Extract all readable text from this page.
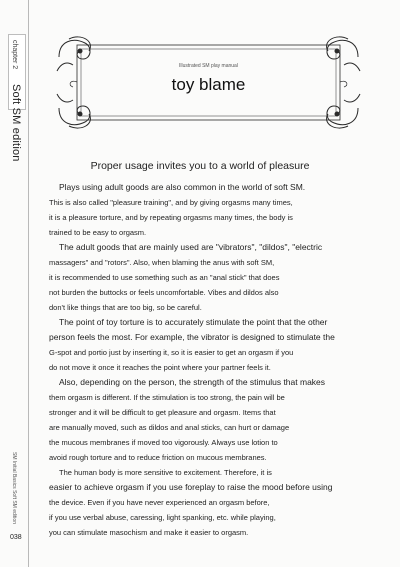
chapter 2
Soft SM edition
SM Initial Basics Soft SM edition
038
Illustrated SM play manual
toy blame
Proper usage invites you to a world of pleasure

Plays using adult goods are also common in the world of soft SM.

This is also called "pleasure training", and by giving orgasms many times,

it is a pleasure torture, and by repeating orgasms many times, the body is

trained to be easy to orgasm.

The adult goods that are mainly used are "vibrators", "dildos", "electric

massagers" and "rotors". Also, when blaming the anus with soft SM,

it is recommended to use something such as an "anal stick" that does

not burden the buttocks or feels uncomfortable. Vibes and dildos also

don't like things that are too big, so be careful.

The point of toy torture is to accurately stimulate the point that the other

person feels the most. For example, the vibrator is designed to stimulate the

G-spot and portio just by inserting it, so it is easier to get an orgasm if you

do not move it once it reaches the point where your partner feels it.

Also, depending on the person, the strength of the stimulus that makes

them orgasm is different. If the stimulation is too strong, the pain will be

stronger and it will be difficult to get pleasure and orgasm. Items that

are manually moved, such as dildos and anal sticks, can hurt or damage

the mucous membranes if moved too vigorously. Always use lotion to

avoid rough torture and to reduce friction on mucous membranes.

The human body is more sensitive to excitement. Therefore, it is

easier to achieve orgasm if you use foreplay to raise the mood before using

the device. Even if you have never experienced an orgasm before,

if you use verbal abuse, caressing, light spanking, etc. while playing,

you can stimulate masochism and make it easier to orgasm.
